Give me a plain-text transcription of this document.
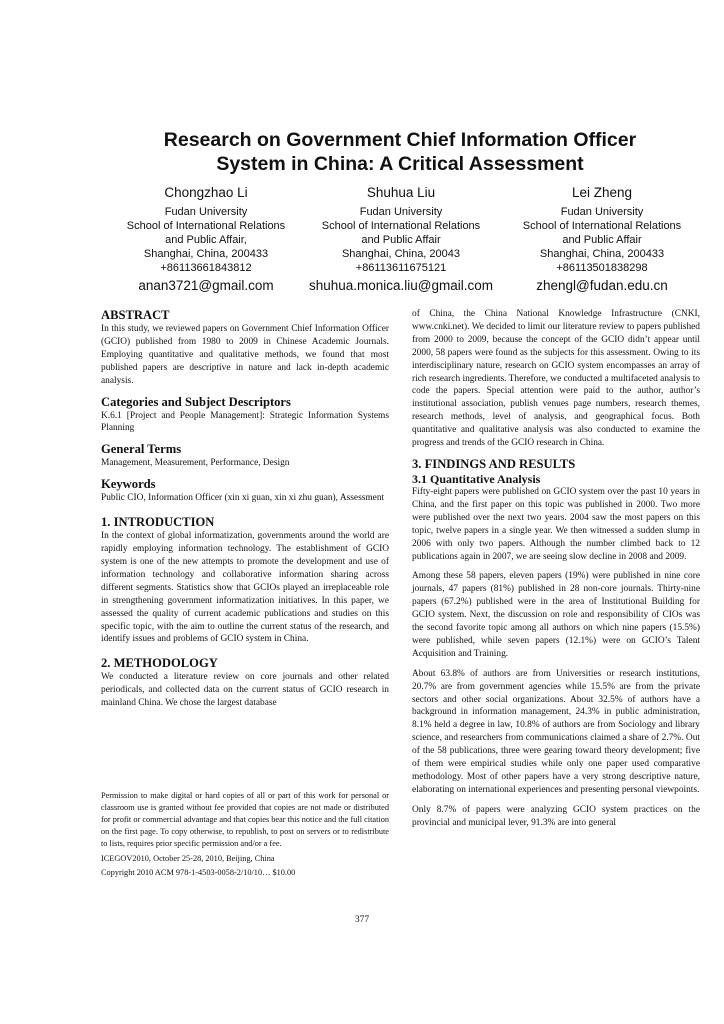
Research on Government Chief Information Officer
System in China: A Critical Assessment
Chongzhao Li
Fudan University
School of International Relations
and Public Affair,
Shanghai, China, 200433
+86113661843812
anan3721@gmail.com
Shuhua Liu
Fudan University
School of International Relations
and Public Affair
Shanghai, China, 20043
+86113611675121
shuhua.monica.liu@gmail.com
Lei Zheng
Fudan University
School of International Relations
and Public Affair
Shanghai, China, 200433
+86113501838298
zhengl@fudan.edu.cn
ABSTRACT

In this study, we reviewed papers on Government Chief Information Officer (GCIO) published from 1980 to 2009 in Chinese Academic Journals. Employing quantitative and qualitative methods, we found that most published papers are descriptive in nature and lack in-depth academic analysis.

Categories and Subject Descriptors

K.6.1 [Project and People Management]: Strategic Information Systems Planning

General Terms

Management, Measurement, Performance, Design

Keywords

Public CIO, Information Officer (xin xi guan, xin xi zhu guan), Assessment

1. INTRODUCTION

In the context of global informatization, governments around the world are rapidly employing information technology. The establishment of GCIO system is one of the new attempts to promote the development and use of information technology and collaborative information sharing across different segments. Statistics show that GCIOs played an irreplaceable role in strengthening government informatization initiatives. In this paper, we assessed the quality of current academic publications and studies on this specific topic, with the aim to outline the current status of the research, and identify issues and problems of GCIO system in China.

2. METHODOLOGY

We conducted a literature review on core journals and other related periodicals, and collected data on the current status of GCIO research in mainland China. We chose the largest database

Permission to make digital or hard copies of all or part of this work for personal or classroom use is granted without fee provided that copies are not made or distributed for profit or commercial advantage and that copies bear this notice and the full citation on the first page. To copy otherwise, to republish, to post on servers or to redistribute to lists, requires prior specific permission and/or a fee.

ICEGOV2010, October 25-28, 2010, Beijing, China

Copyright 2010 ACM 978-1-4503-0058-2/10/10… $10.00

of China, the China National Knowledge Infrastructure (CNKI, www.cnki.net). We decided to limit our literature review to papers published from 2000 to 2009, because the concept of the GCIO didn’t appear until 2000, 58 papers were found as the subjects for this assessment. Owing to its interdisciplinary nature, research on GCIO system encompasses an array of rich research ingredients. Therefore, we conducted a multifaceted analysis to code the papers. Special attention were paid to the author, author’s institutional association, publish venues page numbers, research themes, research methods, level of analysis, and geographical focus. Both quantitative and qualitative analysis was also conducted to examine the progress and trends of the GCIO research in China.

3. FINDINGS AND RESULTS
3.1 Quantitative Analysis

Fifty-eight papers were published on GCIO system over the past 10 years in China, and the first paper on this topic was published in 2000. Two more were published over the next two years. 2004 saw the most papers on this topic, twelve papers in a single year. We then witnessed a sudden slump in 2006 with only two papers. Although the number climbed back to 12 publications again in 2007, we are seeing slow decline in 2008 and 2009.

Among these 58 papers, eleven papers (19%) were published in nine core journals, 47 papers (81%) published in 28 non-core journals. Thirty-nine papers (67.2%) published were in the area of Institutional Building for GCIO system. Next, the discussion on role and responsibility of CIOs was the second favorite topic among all authors on which nine papers (15.5%) were published, while seven papers (12.1%) were on GCIO’s Talent Acquisition and Training.

About 63.8% of authors are from Universities or research institutions, 20.7% are from government agencies while 15.5% are from the private sectors and other social organizations. About 32.5% of authors have a background in information management, 24.3% in public administration, 8.1% held a degree in law, 10.8% of authors are from Sociology and library science, and researchers from communications claimed a share of 2.7%. Out of the 58 publications, three were gearing toward theory development; five of them were empirical studies while only one paper used comparative methodology. Most of other papers have a very strong descriptive nature, elaborating on international experiences and presenting personal viewpoints.

Only 8.7% of papers were analyzing GCIO system practices on the provincial and municipal lever, 91.3% are into general

377
